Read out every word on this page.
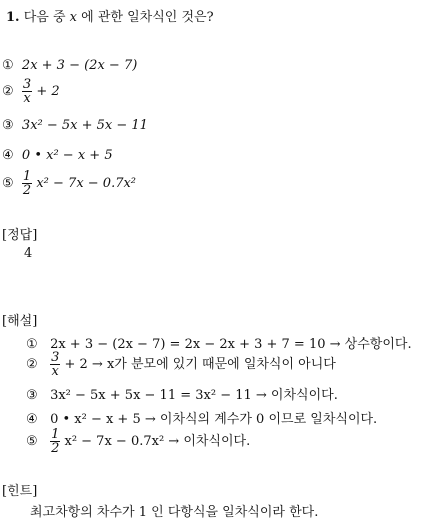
1. 다음 중 x 에 관한 일차식인 것은?
① 2x + 3 − (2x − 7)
② $\frac{3}{x} + 2$
③ 3x² − 5x + 5x − 11
④ 0 • x² − x + 5
⑤ $\frac{1}{2} x^2 - 7x - 0.7x^2$
[정답]
4
[해설]
① 2x + 3 − (2x − 7) = 2x − 2x + 3 + 7 = 10 → 상수항이다.
② $\frac{3}{x} + 2 \to x$가 분모에 있기 때문에 일차식이 아니다
③ 3x² − 5x + 5x − 11 = 3x² − 11 → 이차식이다.
④ 0 • x² − x + 5 → 이차식의 계수가 0 이므로 일차식이다.
⑤ $\frac{1}{2} x^2 - 7x - 0.7x^2$ → 이차식이다.
[힌트]
최고차항의 차수가 1 인 다항식을 일차식이라 한다.
